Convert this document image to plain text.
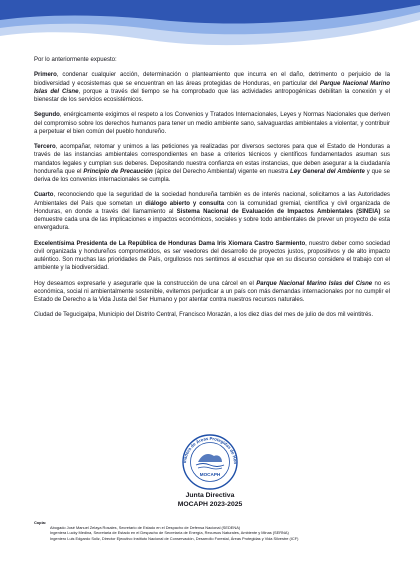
Por lo anteriormente expuesto:

Primero, condenar cualquier acción, determinación o planteamiento que incurra en el daño, detrimento o perjuicio de la biodiversidad y ecosistemas que se encuentran en las áreas protegidas de Honduras, en particular del Parque Nacional Marino Islas del Cisne, porque a través del tiempo se ha comprobado que las actividades antropogénicas debilitan la conexión y el bienestar de los servicios ecosistémicos.

Segundo, enérgicamente exigimos el respeto a los Convenios y Tratados Internacionales, Leyes y Normas Nacionales que deriven del compromiso sobre los derechos humanos para tener un medio ambiente sano, salvaguardas ambientales a violentar, y contribuir a perpetuar el bien común del pueblo hondureño.

Tercero, acompañar, retomar y unimos a las peticiones ya realizadas por diversos sectores para que el Estado de Honduras a través de las instancias ambientales correspondientes en base a criterios técnicos y científicos fundamentados asuman sus mandatos legales y cumplan sus deberes. Depositando nuestra confianza en estas instancias, que deben asegurar a la ciudadanía hondureña que el Principio de Precaución (ápice del Derecho Ambiental) vigente en nuestra Ley General del Ambiente y que se deriva de los convenios internacionales se cumpla.

Cuarto, reconociendo que la seguridad de la sociedad hondureña también es de interés nacional, solicitamos a las Autoridades Ambientales del País que sometan un diálogo abierto y consulta con la comunidad gremial, científica y civil organizada de Honduras, en donde a través del llamamiento al Sistema Nacional de Evaluación de Impactos Ambientales (SINEIA) se demuestre cada una de las implicaciones e impactos económicos, sociales y sobre todo ambientales de prever un proyecto de esta envergadura.

Excelentísima Presidenta de La República de Honduras Dama Iris Xiomara Castro Sarmiento, nuestro deber como sociedad civil organizada y hondureños comprometidos, es ser veedores del desarrollo de proyectos justos, propositivos y de alto impacto auténtico. Son muchas las prioridades de País, orgullosos nos sentimos al escuchar que en su discurso considere el trabajo con el ambiente y la biodiversidad.

Hoy deseamos expresarle y asegurarle que la construcción de una cárcel en el Parque Nacional Marino Islas del Cisne no es económica, social ni ambientalmente sostenible, evitemos perjudicar a un país con más demandas internacionales por no cumplir el Estado de Derecho a la Vida Justa del Ser Humano y por atentar contra nuestros recursos naturales.

Ciudad de Tegucigalpa, Municipio del Distrito Central, Francisco Morazán, a los diez días del mes de julio de dos mil veintitrés.

inadora de Áreas Protegidas de Hon
MOCAPH
Junta Directiva
MOCAPH 2023-2025
Copia:
Abogado José Manuel Zelaya Rosales, Secretario de Estado en el Despacho de Defensa Nacional (SEDENA)
Ingeniera Lucky Medina, Secretaria de Estado en el Despacho de Secretaría de Energía, Recursos Naturales, Ambiente y Minas (SERNA)
Ingeniero Luis Edgardo Soliz, Director Ejecutivo Instituto Nacional de Conservación, Desarrollo Forestal, Áreas Protegidas y Vida Silvestre (ICF)
